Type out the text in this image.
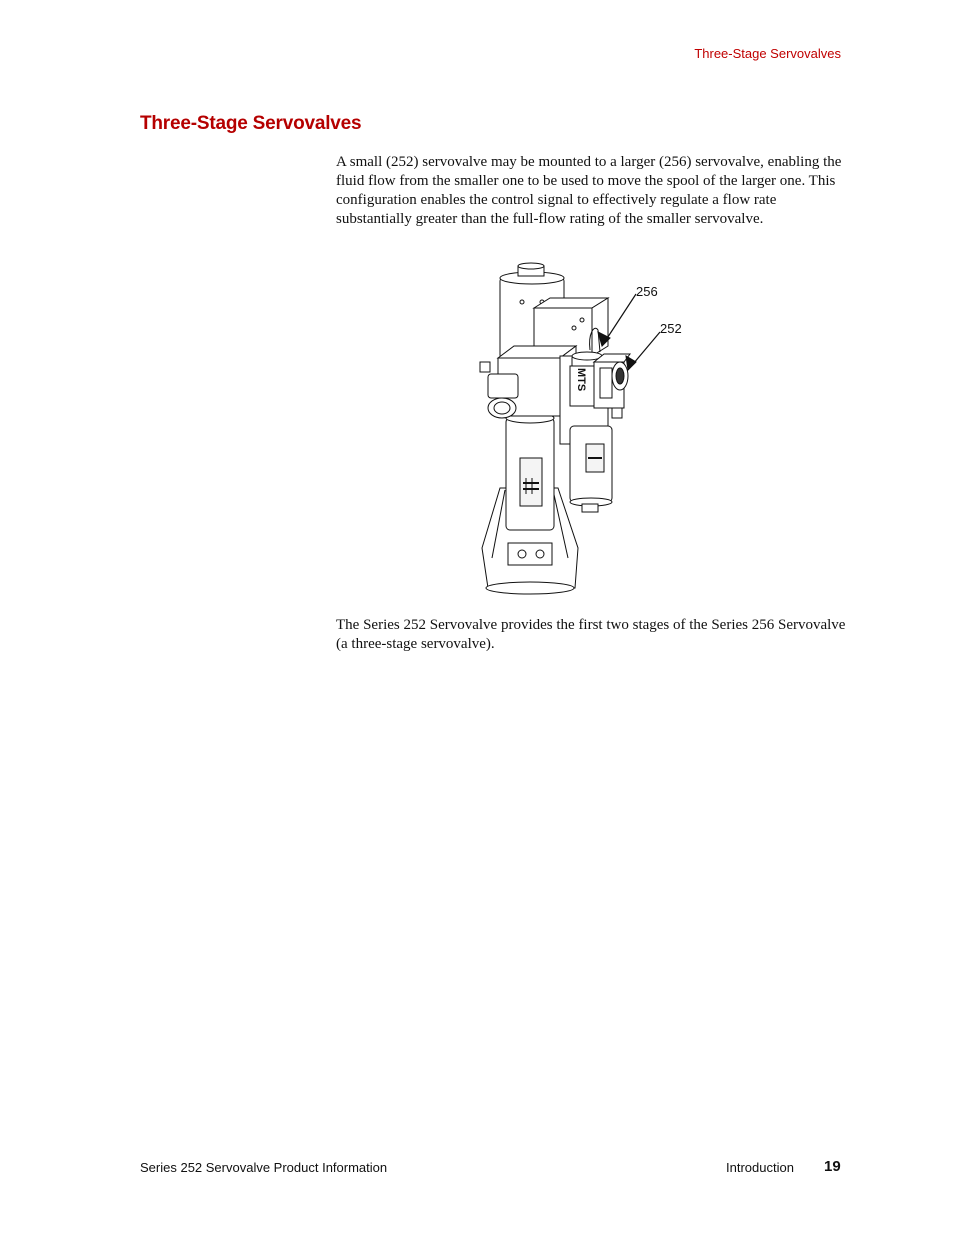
Three-Stage Servovalves
Three-Stage Servovalves

A small (252) servovalve may be mounted to a larger (256) servovalve, enabling the fluid flow from the smaller one to be used to move the spool of the larger one. This configuration enables the control signal to effectively regulate a flow rate substantially greater than the full-flow rating of the smaller servovalve.

MTS
256
252

The Series 252 Servovalve provides the first two stages of the Series 256 Servovalve (a three-stage servovalve).

Series 252 Servovalve Product Information	Introduction 19
